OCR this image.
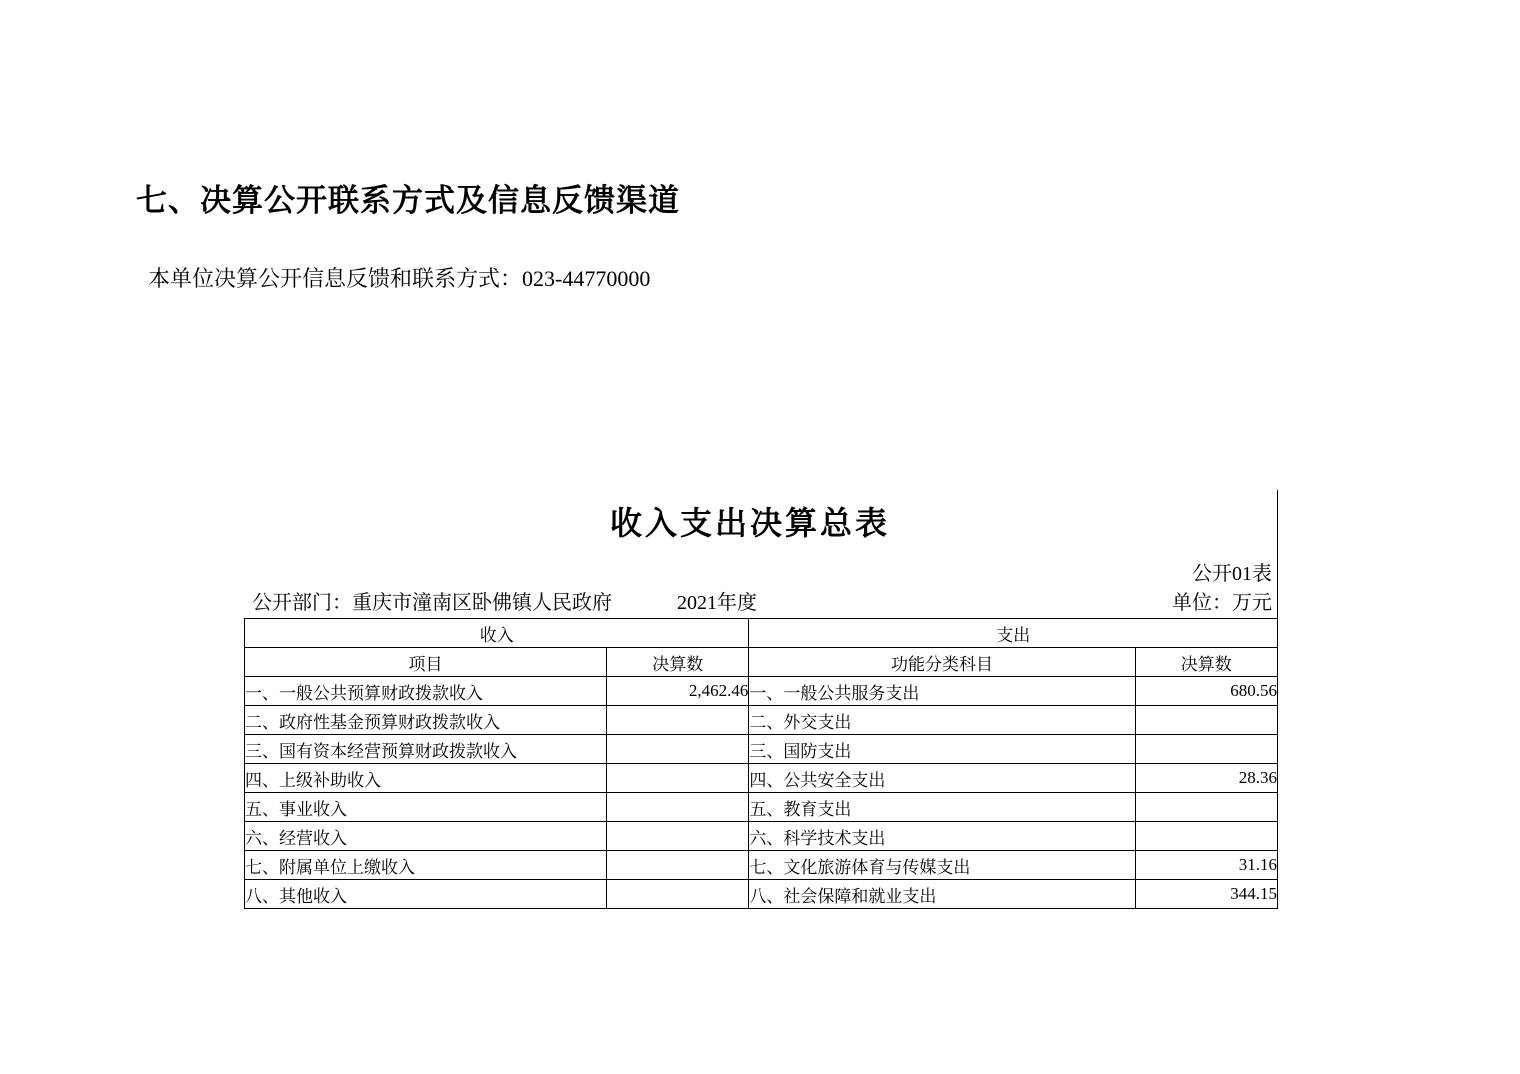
七、决算公开联系方式及信息反馈渠道
本单位决算公开信息反馈和联系方式：023-44770000
收入支出决算总表
公开01表
单位：万元
公开部门：重庆市潼南区卧佛镇人民政府	2021年度
收入		支出	
项目	决算数	功能分类科目	决算数
一、一般公共预算财政拨款收入	2,462.46	一、一般公共服务支出	680.56
二、政府性基金预算财政拨款收入		二、外交支出	
三、国有资本经营预算财政拨款收入		三、国防支出	
四、上级补助收入		四、公共安全支出	28.36
五、事业收入		五、教育支出	
六、经营收入		六、科学技术支出	
七、附属单位上缴收入		七、文化旅游体育与传媒支出	31.16
八、其他收入		八、社会保障和就业支出	344.15
